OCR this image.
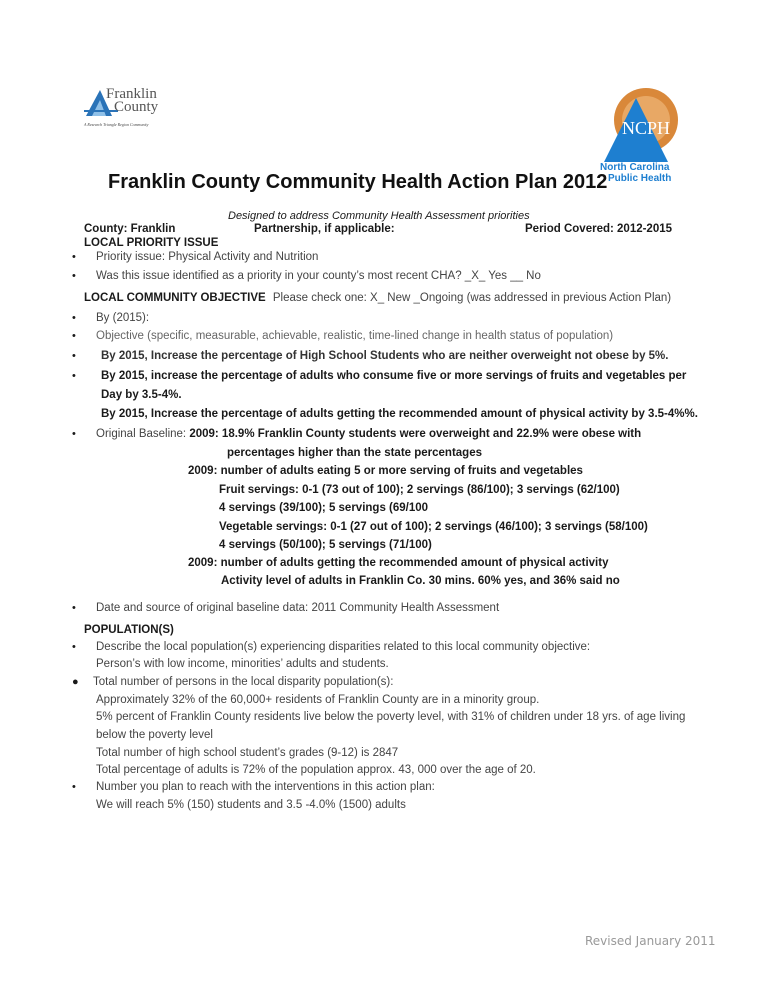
Franklin
County
A Research Triangle Region Community	NCPH
North Carolina
Public Health
Franklin County Community Health Action Plan 2012
Designed to address Community Health Assessment priorities
County: Franklin	Partnership, if applicable:	Period Covered: 2012-2015
LOCAL PRIORITY ISSUE
• Priority issue: Physical Activity and Nutrition
• Was this issue identified as a priority in your county’s most recent CHA? _X_ Yes __ No
LOCAL COMMUNITY OBJECTIVE Please check one: X_ New _Ongoing (was addressed in previous Action Plan)
• By (2015):
• Objective (specific, measurable, achievable, realistic, time-lined change in health status of population)
• By 2015, Increase the percentage of High School Students who are neither overweight not obese by 5%.
• By 2015, increase the percentage of adults who consume five or more servings of fruits and vegetables per
Day by 3.5-4%.
By 2015, Increase the percentage of adults getting the recommended amount of physical activity by 3.5-4%%.
• Original Baseline: 2009: 18.9% Franklin County students were overweight and 22.9% were obese with
percentages higher than the state percentages
2009: number of adults eating 5 or more serving of fruits and vegetables
Fruit servings: 0-1 (73 out of 100); 2 servings (86/100); 3 servings (62/100)
4 servings (39/100); 5 servings (69/100
Vegetable servings: 0-1 (27 out of 100); 2 servings (46/100); 3 servings (58/100)
4 servings (50/100); 5 servings (71/100)
2009: number of adults getting the recommended amount of physical activity
Activity level of adults in Franklin Co. 30 mins. 60% yes, and 36% said no
• Date and source of original baseline data: 2011 Community Health Assessment
POPULATION(S)
• Describe the local population(s) experiencing disparities related to this local community objective:
Person’s with low income, minorities’ adults and students.
● Total number of persons in the local disparity population(s):
Approximately 32% of the 60,000+ residents of Franklin County are in a minority group.
5% percent of Franklin County residents live below the poverty level, with 31% of children under 18 yrs. of age living
below the poverty level
Total number of high school student’s grades (9-12) is 2847
Total percentage of adults is 72% of the population approx. 43, 000 over the age of 20.
• Number you plan to reach with the interventions in this action plan:
We will reach 5% (150) students and 3.5 -4.0% (1500) adults
Revised January 2011
